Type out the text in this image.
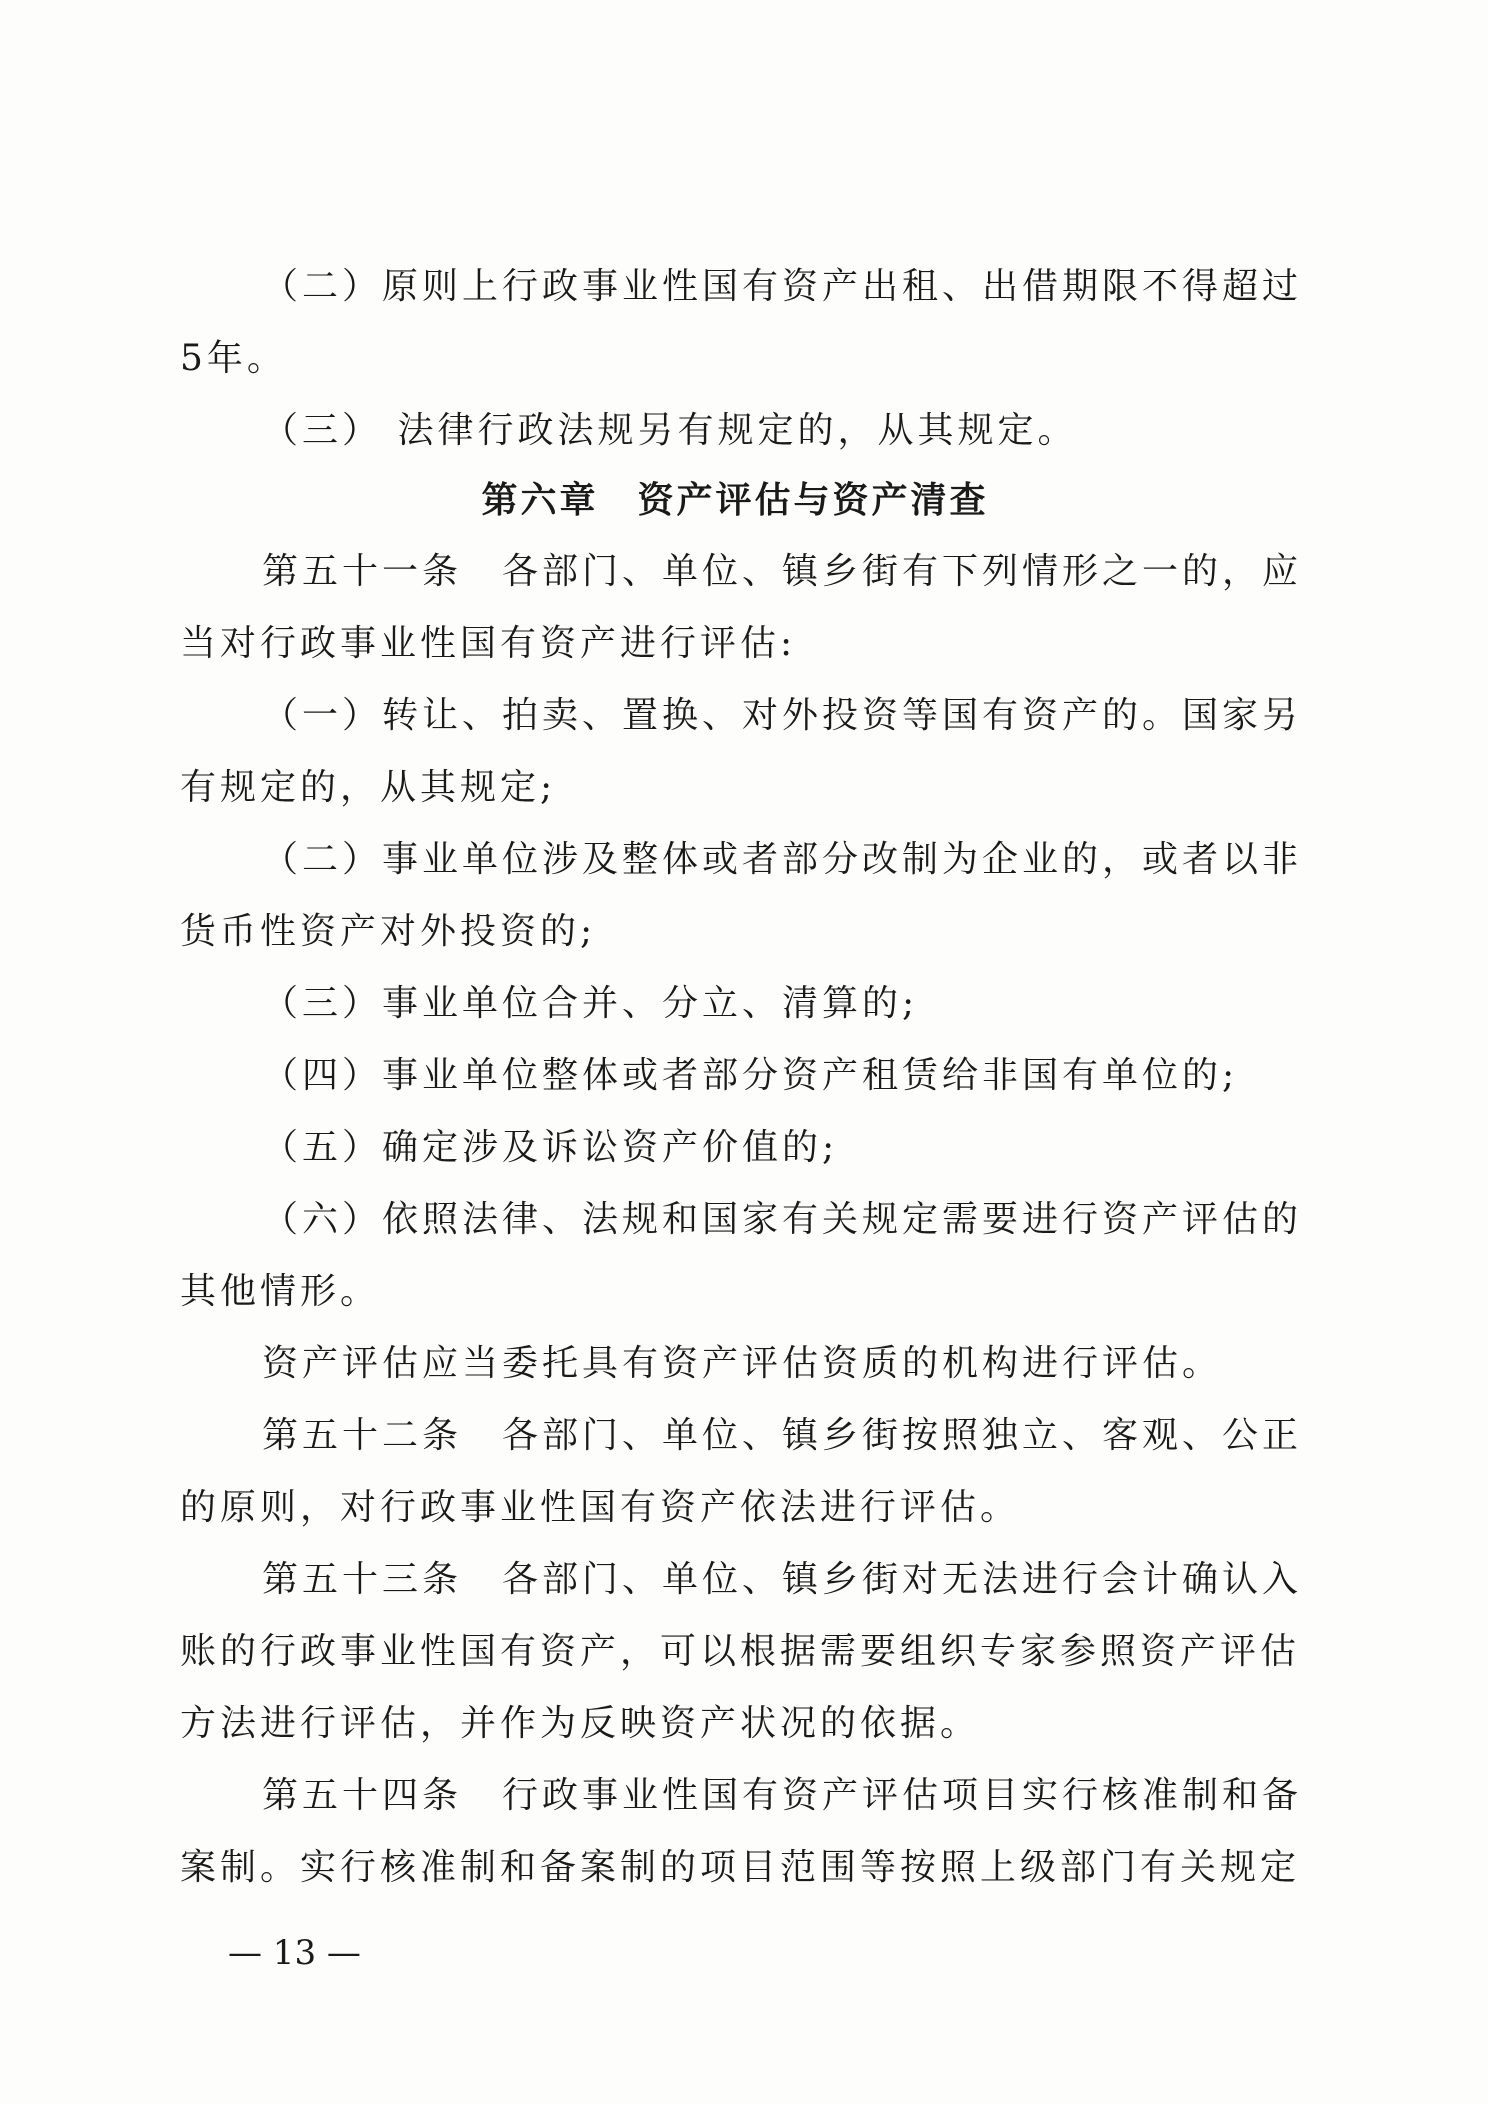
（二）原则上行政事业性国有资产出租、出借期限不得超过
5年。
（三） 法律行政法规另有规定的，从其规定。
第六章　资产评估与资产清查
第五十一条　各部门、单位、镇乡街有下列情形之一的，应
当对行政事业性国有资产进行评估:
（一）转让、拍卖、置换、对外投资等国有资产的。国家另
有规定的，从其规定;
（二）事业单位涉及整体或者部分改制为企业的，或者以非
货币性资产对外投资的;
（三）事业单位合并、分立、清算的;
（四）事业单位整体或者部分资产租赁给非国有单位的;
（五）确定涉及诉讼资产价值的;
（六）依照法律、法规和国家有关规定需要进行资产评估的
其他情形。
资产评估应当委托具有资产评估资质的机构进行评估。
第五十二条　各部门、单位、镇乡街按照独立、客观、公正
的原则，对行政事业性国有资产依法进行评估。
第五十三条　各部门、单位、镇乡街对无法进行会计确认入
账的行政事业性国有资产，可以根据需要组织专家参照资产评估
方法进行评估，并作为反映资产状况的依据。
第五十四条　行政事业性国有资产评估项目实行核准制和备
案制。实行核准制和备案制的项目范围等按照上级部门有关规定
— 13 —
